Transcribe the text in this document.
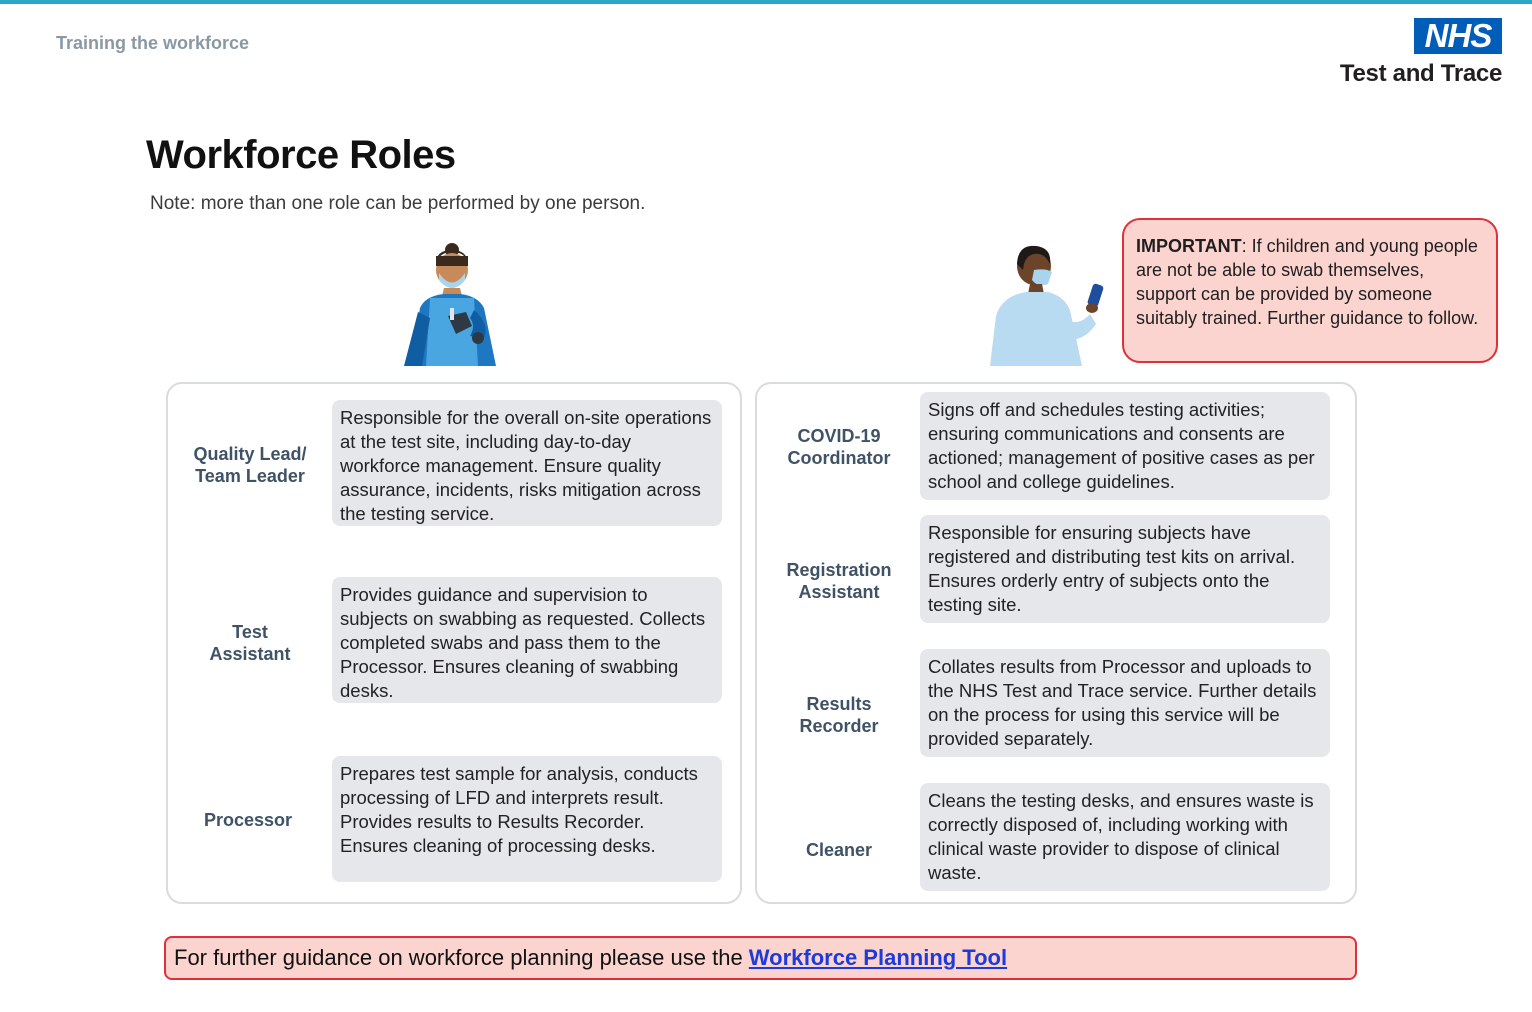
Training the workforce	NHS
Test and Trace
Workforce Roles
Note: more than one role can be performed by one person.
IMPORTANT: If children and young people are not be able to swab themselves, support can be provided by someone suitably trained. Further guidance to follow.
Quality Lead/ Team Leader
Responsible for the overall on-site operations at the test site, including day-to-day workforce management. Ensure quality assurance, incidents, risks mitigation across the testing service.
Test Assistant
Provides guidance and supervision to subjects on swabbing as requested. Collects completed swabs and pass them to the Processor. Ensures cleaning of swabbing desks.
Processor
Prepares test sample for analysis, conducts processing of LFD and interprets result. Provides results to Results Recorder. Ensures cleaning of processing desks.
COVID-19 Coordinator
Signs off and schedules testing activities; ensuring communications and consents are actioned; management of positive cases as per school and college guidelines.
Registration Assistant
Responsible for ensuring subjects have registered and distributing test kits on arrival. Ensures orderly entry of subjects onto the testing site.
Results Recorder
Collates results from Processor and uploads to the NHS Test and Trace service. Further details on the process for using this service will be provided separately.
Cleaner
Cleans the testing desks, and ensures waste is correctly disposed of, including working with clinical waste provider to dispose of clinical waste.
For further guidance on workforce planning please use the Workforce Planning Tool
